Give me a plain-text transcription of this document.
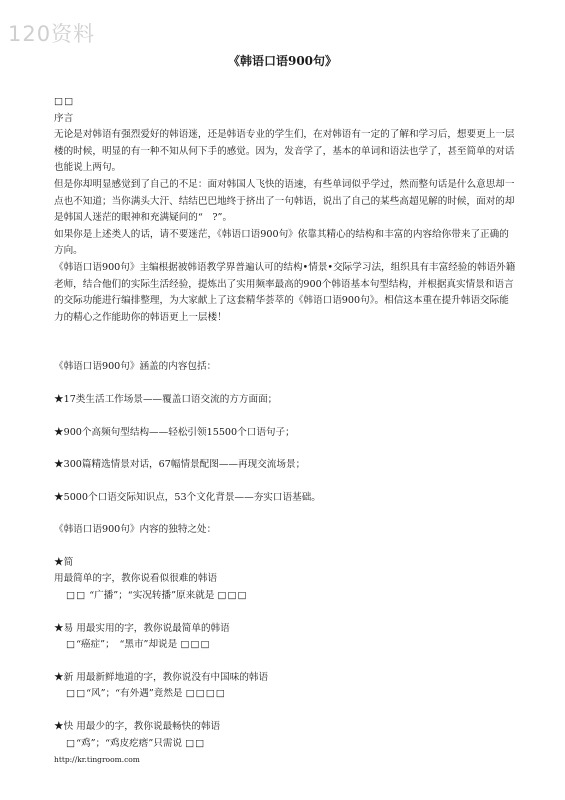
120资料
《韩语口语900句》

□□

序言

无论是对韩语有强烈爱好的韩语迷，还是韩语专业的学生们，在对韩语有一定的了解和学习后，想要更上一层楼的时候，明显的有一种不知从何下手的感觉。因为，发音学了，基本的单词和语法也学了，甚至简单的对话也能说上两句。

但是你却明显感觉到了自己的不足：面对韩国人飞快的语速，有些单词似乎学过，然而整句话是什么意思却一点也不知道；当你满头大汗、结结巴巴地终于挤出了一句韩语，说出了自己的某些高超见解的时候，面对的却是韩国人迷茫的眼神和充满疑问的“　?”。

如果你是上述类人的话，请不要迷茫，《韩语口语900句》依靠其精心的结构和丰富的内容给你带来了正确的方向。

《韩语口语900句》主编根据被韩语教学界普遍认可的结构•情景•交际学习法，组织具有丰富经验的韩语外籍老师，结合他们的实际生活经验，提炼出了实用频率最高的900个韩语基本句型结构，并根据真实情景和语言的交际功能进行编排整理，为大家献上了这套精华荟萃的《韩语口语900句》。相信这本重在提升韩语交际能力的精心之作能助你的韩语更上一层楼！

《韩语口语900句》涵盖的内容包括：

★17类生活工作场景——覆盖口语交流的方方面面；

★900个高频句型结构——轻松引领15500个口语句子；

★300篇精选情景对话，67幅情景配图——再现交流场景；

★5000个口语交际知识点，53个文化背景——夯实口语基础。

《韩语口语900句》内容的独特之处：

★简

用最简单的字，教你说看似很难的韩语

□□ “广播”；“实况转播”原来就是 □□□

★易 用最实用的字，教你说最简单的韩语

□“癌症”；　“黑市”却说是 □□□

★新 用最新鲜地道的字，教你说没有中国味的韩语

□□“风”；“有外遇”竟然是 □□□□

★快 用最少的字，教你说最畅快的韩语

□“鸡”；“鸡皮疙瘩”只需说 □□

http://kr.tingroom.com
